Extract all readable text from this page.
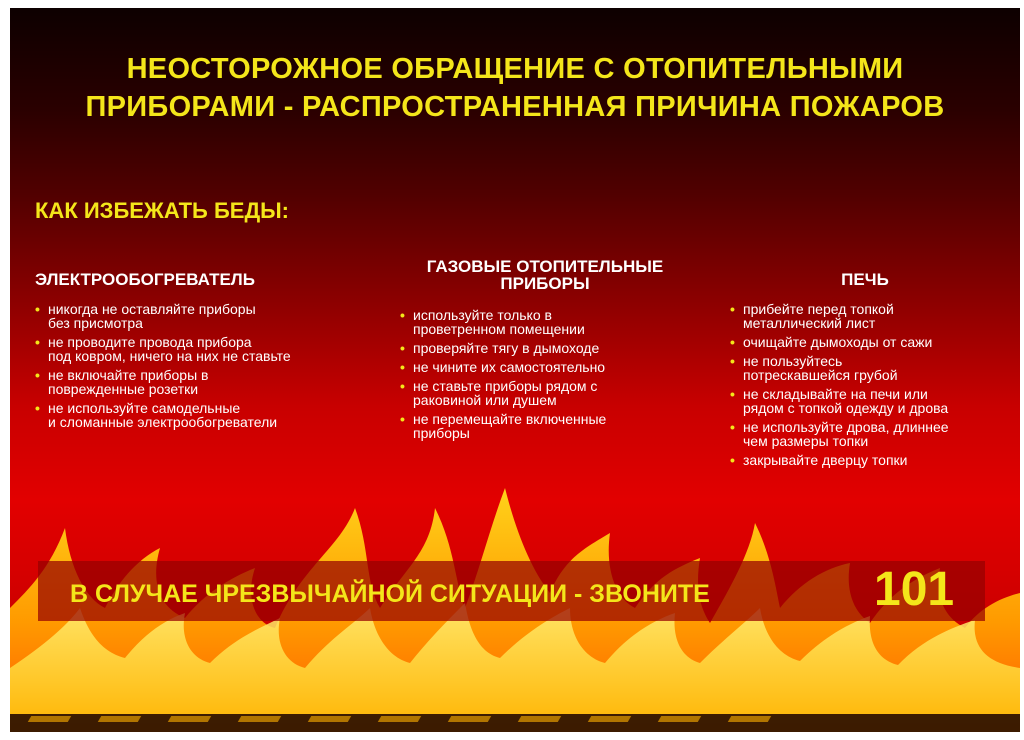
НЕОСТОРОЖНОЕ ОБРАЩЕНИЕ С ОТОПИТЕЛЬНЫМИ
ПРИБОРАМИ - РАСПРОСТРАНЕННАЯ ПРИЧИНА ПОЖАРОВ
КАК ИЗБЕЖАТЬ БЕДЫ:
ЭЛЕКТРООБОГРЕВАТЕЛЬ
• никогда не оставляйте приборы
без присмотра
• не проводите провода прибора
под ковром, ничего на них не ставьте
• не включайте приборы в
поврежденные розетки
• не используйте самодельные
и сломанные электрообогреватели
ГАЗОВЫЕ ОТОПИТЕЛЬНЫЕ
ПРИБОРЫ
• используйте только в
проветренном помещении
• проверяйте тягу в дымоходе
• не чините их самостоятельно
• не ставьте приборы рядом с
раковиной или душем
• не перемещайте включенные
приборы
ПЕЧЬ
• прибейте перед топкой
металлический лист
• очищайте дымоходы от сажи
• не пользуйтесь
потрескавшейся грубой
• не складывайте на печи или
рядом с топкой одежду и дрова
• не используйте дрова, длиннее
чем размеры топки
• закрывайте дверцу топки
В СЛУЧАЕ ЧРЕЗВЫЧАЙНОЙ СИТУАЦИИ - ЗВОНИТЕ	101
